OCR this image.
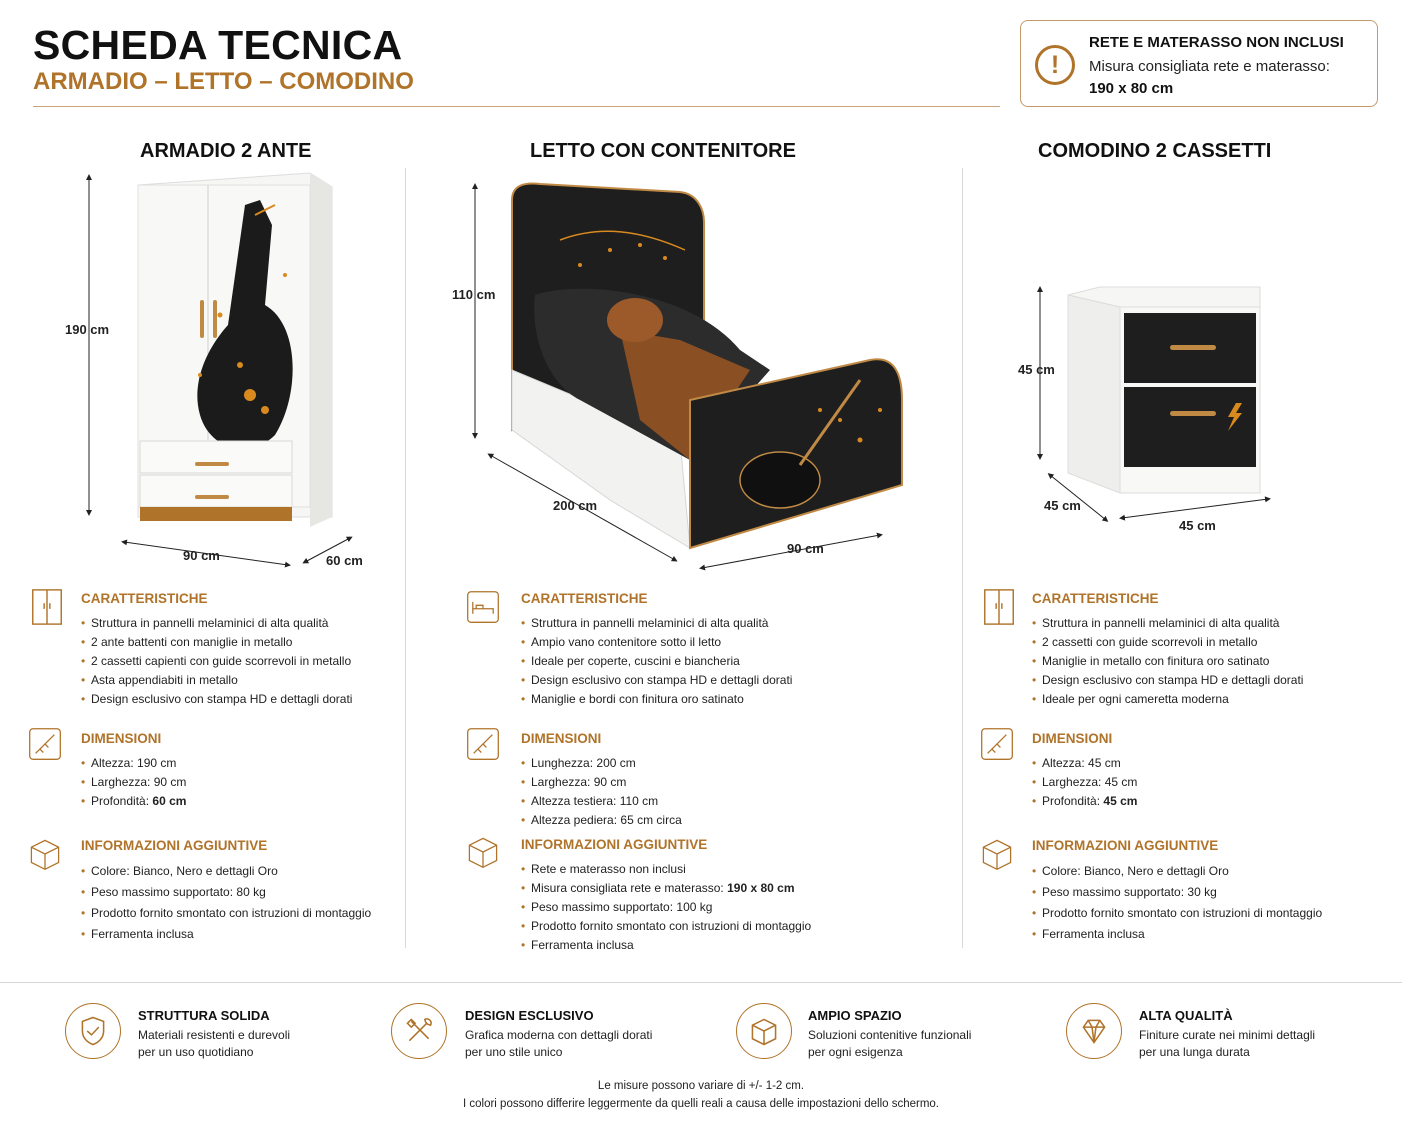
SCHEDA TECNICA
ARMADIO – LETTO – COMODINO
!
RETE E MATERASSO NON INCLUSI
Misura consigliata rete e materasso:
190 x 80 cm
ARMADIO 2 ANTE	LETTO CON CONTENITORE	COMODINO 2 CASSETTI
190 cm
90 cm	60 cm
110 cm
200 cm
90 cm
45 cm
45 cm
45 cm
CARATTERISTICHE
• Struttura in pannelli melaminici di alta qualità
• 2 ante battenti con maniglie in metallo
• 2 cassetti capienti con guide scorrevoli in metallo
• Asta appendiabiti in metallo
• Design esclusivo con stampa HD e dettagli dorati
DIMENSIONI
• Altezza: 190 cm
• Larghezza: 90 cm
• Profondità: 60 cm
INFORMAZIONI AGGIUNTIVE
• Colore: Bianco, Nero e dettagli Oro
• Peso massimo supportato: 80 kg
• Prodotto fornito smontato con istruzioni di montaggio
• Ferramenta inclusa
CARATTERISTICHE
• Struttura in pannelli melaminici di alta qualità
• Ampio vano contenitore sotto il letto
• Ideale per coperte, cuscini e biancheria
• Design esclusivo con stampa HD e dettagli dorati
• Maniglie e bordi con finitura oro satinato
DIMENSIONI
• Lunghezza: 200 cm
• Larghezza: 90 cm
• Altezza testiera: 110 cm
• Altezza pediera: 65 cm circa
INFORMAZIONI AGGIUNTIVE
• Rete e materasso non inclusi
• Misura consigliata rete e materasso: 190 x 80 cm
• Peso massimo supportato: 100 kg
• Prodotto fornito smontato con istruzioni di montaggio
• Ferramenta inclusa
CARATTERISTICHE
• Struttura in pannelli melaminici di alta qualità
• 2 cassetti con guide scorrevoli in metallo
• Maniglie in metallo con finitura oro satinato
• Design esclusivo con stampa HD e dettagli dorati
• Ideale per ogni cameretta moderna
DIMENSIONI
• Altezza: 45 cm
• Larghezza: 45 cm
• Profondità: 45 cm
INFORMAZIONI AGGIUNTIVE
• Colore: Bianco, Nero e dettagli Oro
• Peso massimo supportato: 30 kg
• Prodotto fornito smontato con istruzioni di montaggio
• Ferramenta inclusa
STRUTTURA SOLIDA
Materiali resistenti e durevoli
per un uso quotidiano
DESIGN ESCLUSIVO
Grafica moderna con dettagli dorati
per uno stile unico
AMPIO SPAZIO
Soluzioni contenitive funzionali
per ogni esigenza
ALTA QUALITÀ
Finiture curate nei minimi dettagli
per una lunga durata
Le misure possono variare di +/- 1-2 cm.
I colori possono differire leggermente da quelli reali a causa delle impostazioni dello schermo.
